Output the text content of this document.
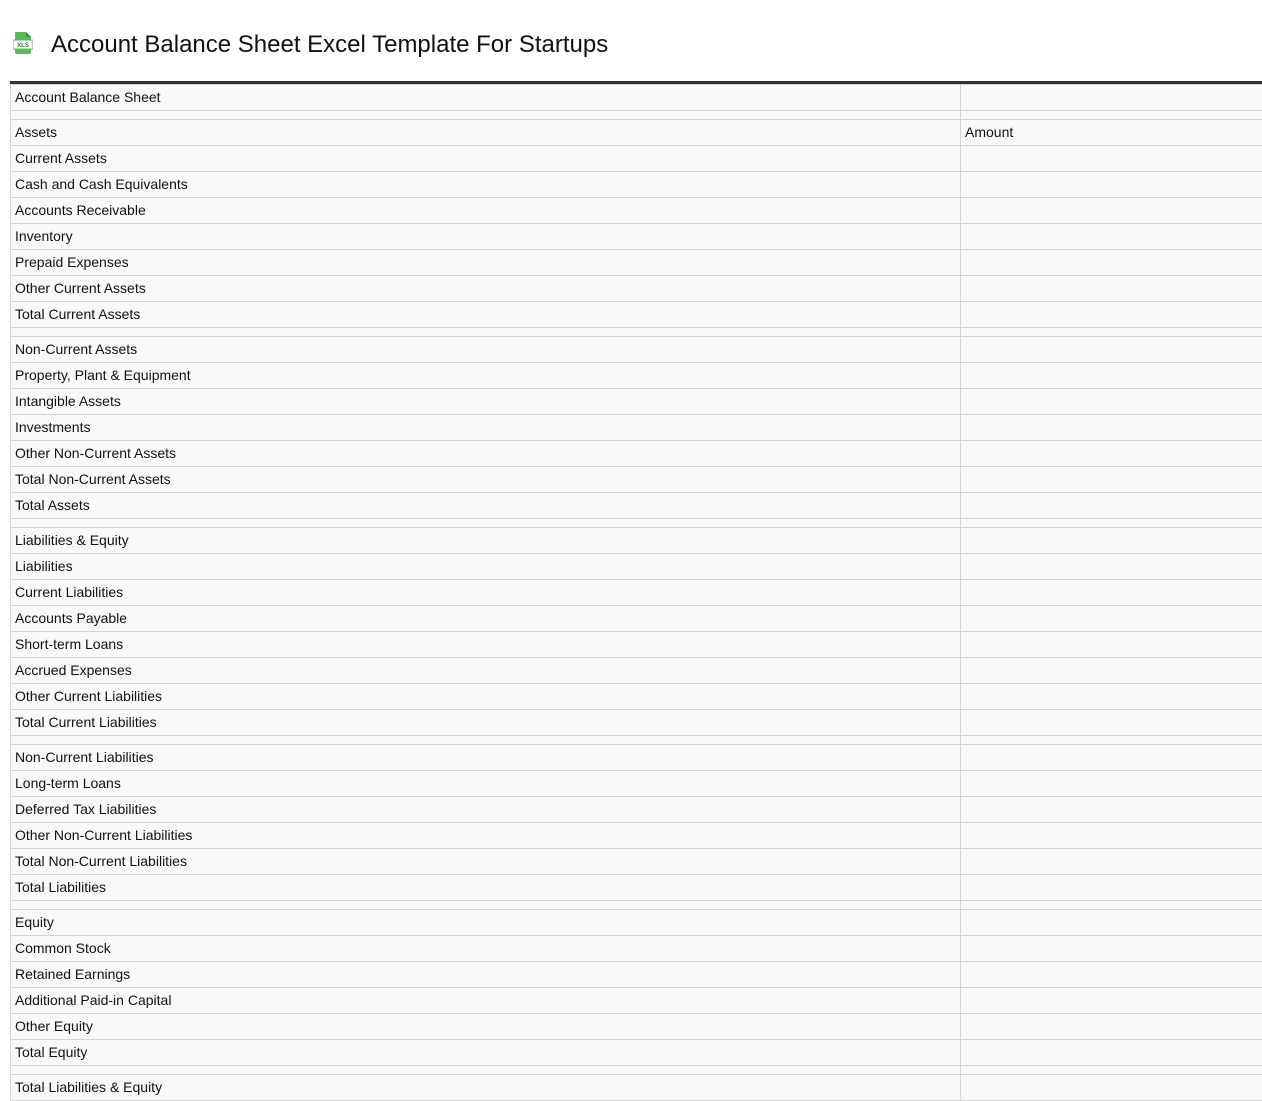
XLS Account Balance Sheet Excel Template For Startups
Account Balance Sheet	

Assets	Amount
Current Assets	
Cash and Cash Equivalents	
Accounts Receivable	
Inventory	
Prepaid Expenses	
Other Current Assets	
Total Current Assets	

Non-Current Assets	
Property, Plant & Equipment	
Intangible Assets	
Investments	
Other Non-Current Assets	
Total Non-Current Assets	
Total Assets	

Liabilities & Equity	
Liabilities	
Current Liabilities	
Accounts Payable	
Short-term Loans	
Accrued Expenses	
Other Current Liabilities	
Total Current Liabilities	

Non-Current Liabilities	
Long-term Loans	
Deferred Tax Liabilities	
Other Non-Current Liabilities	
Total Non-Current Liabilities	
Total Liabilities	

Equity	
Common Stock	
Retained Earnings	
Additional Paid-in Capital	
Other Equity	
Total Equity	

Total Liabilities & Equity	
